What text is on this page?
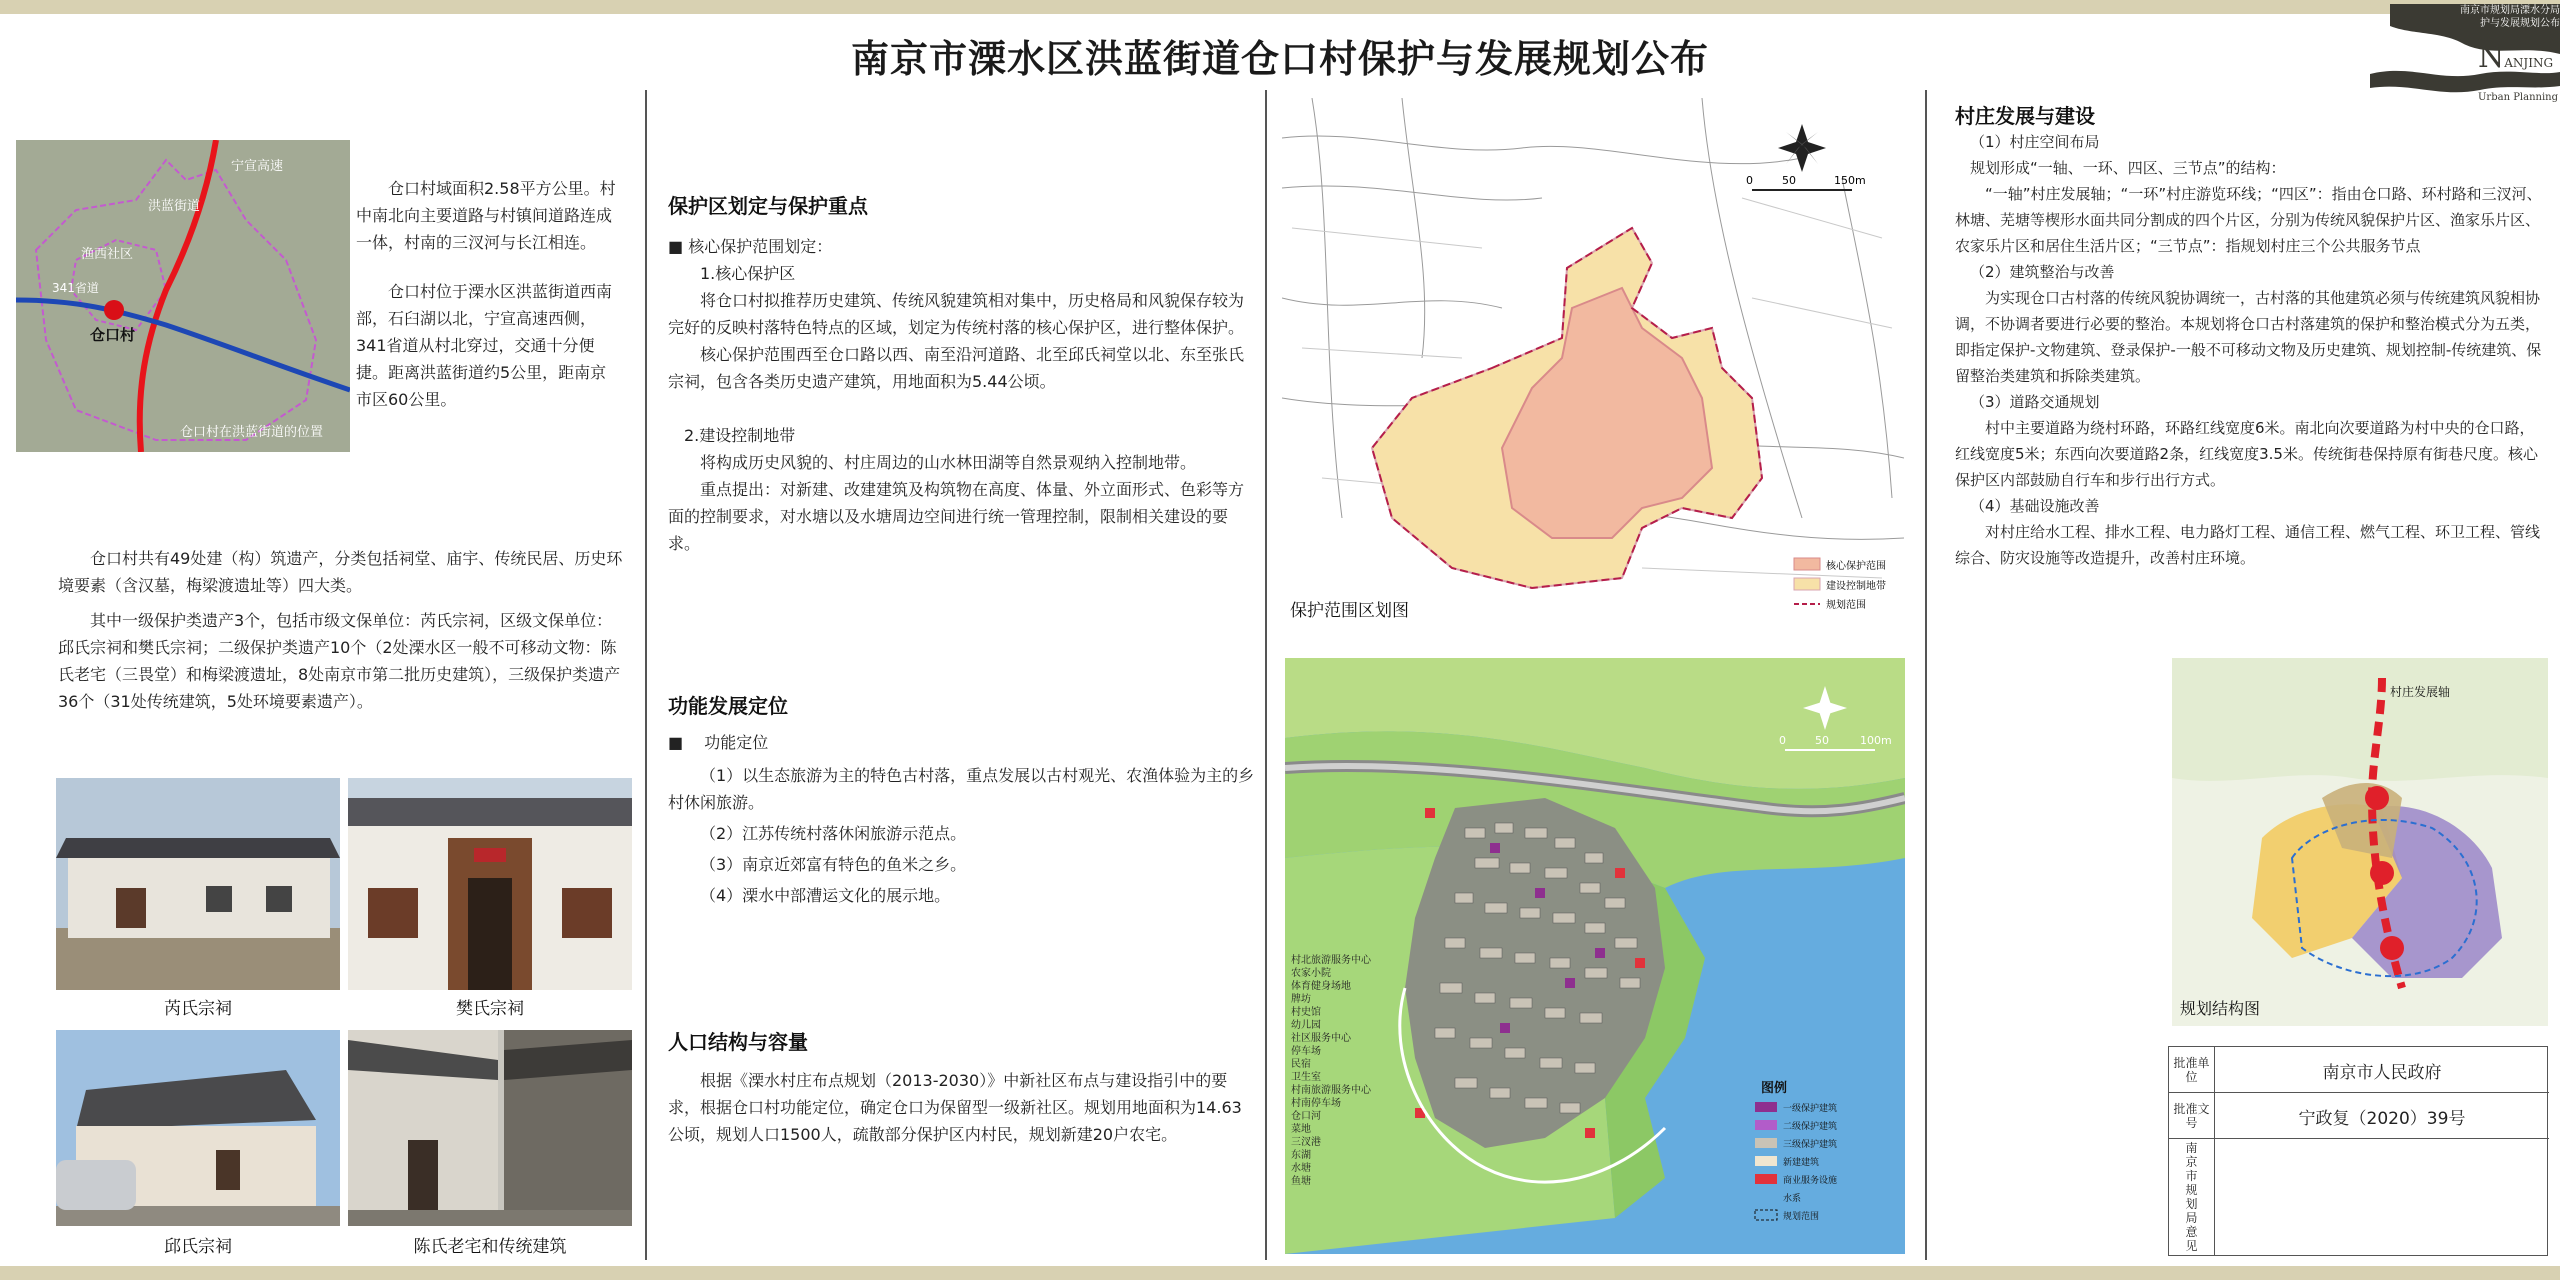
南京市溧水区洪蓝街道仓口村保护与发展规划公布
南京市规划局溧水分局
护与发展规划公布
NANJING
Urban Planning
宁宣高速
洪蓝街道
渔西社区
341省道
仓口村
仓口村在洪蓝街道的位置

仓口村域面积2.58平方公里。村中南北向主要道路与村镇间道路连成一体，村南的三汊河与长江相连。

仓口村位于溧水区洪蓝街道西南部，石臼湖以北，宁宣高速西侧，341省道从村北穿过，交通十分便捷。距离洪蓝街道约5公里，距南京市区60公里。

仓口村共有49处建（构）筑遗产，分类包括祠堂、庙宇、传统民居、历史环境要素（含汉墓，梅梁渡遗址等）四大类。

其中一级保护类遗产3个，包括市级文保单位：芮氏宗祠，区级文保单位：邱氏宗祠和樊氏宗祠；二级保护类遗产10个（2处溧水区一般不可移动文物：陈氏老宅（三畏堂）和梅梁渡遗址，8处南京市第二批历史建筑），三级保护类遗产36个（31处传统建筑，5处环境要素遗产）。

芮氏宗祠	樊氏宗祠
邱氏宗祠	陈氏老宅和传统建筑
保护区划定与保护重点
■ 核心保护范围划定：

1.核心保护区

将仓口村拟推荐历史建筑、传统风貌建筑相对集中，历史格局和风貌保存较为完好的反映村落特色特点的区域，划定为传统村落的核心保护区，进行整体保护。

核心保护范围西至仓口路以西、南至沿河道路、北至邱氏祠堂以北、东至张氏宗祠，包含各类历史遗产建筑，用地面积为5.44公顷。

2.建设控制地带

将构成历史风貌的、村庄周边的山水林田湖等自然景观纳入控制地带。

重点提出：对新建、改建建筑及构筑物在高度、体量、外立面形式、色彩等方面的控制要求，对水塘以及水塘周边空间进行统一管理控制，限制相关建设的要求。

功能发展定位
■ 功能定位

（1）以生态旅游为主的特色古村落，重点发展以古村观光、农渔体验为主的乡村休闲旅游。

（2）江苏传统村落休闲旅游示范点。

（3）南京近郊富有特色的鱼米之乡。

（4）溧水中部漕运文化的展示地。

人口结构与容量

根据《溧水村庄布点规划（2013-2030）》中新社区布点与建设指引中的要求，根据仓口村功能定位，确定仓口为保留型一级新社区。规划用地面积为14.63公顷，规划人口1500人，疏散部分保护区内村民，规划新建20户农宅。

0	50	150m
核心保护范围
建设控制地带
规划范围
保护范围区划图
0	50	100m
村北旅游服务中心
农家小院
体育健身场地
牌坊
村史馆
幼儿园
社区服务中心
停车场
民宿
卫生室
村南旅游服务中心
村南停车场
仓口河
菜地
三汊港
东湖
水塘
鱼塘
图例
一级保护建筑
二级保护建筑
三级保护建筑
新建建筑
商业服务设施
水系
规划范围
村庄发展与建设

（1）村庄空间布局

规划形成“一轴、一环、四区、三节点”的结构：

“一轴”村庄发展轴；“一环”村庄游览环线；“四区”：指由仓口路、环村路和三汊河、林塘、芜塘等楔形水面共同分割成的四个片区，分别为传统风貌保护片区、渔家乐片区、农家乐片区和居住生活片区；“三节点”：指规划村庄三个公共服务节点

（2）建筑整治与改善

为实现仓口古村落的传统风貌协调统一，古村落的其他建筑必须与传统建筑风貌相协调，不协调者要进行必要的整治。本规划将仓口古村落建筑的保护和整治模式分为五类，即指定保护-文物建筑、登录保护-一般不可移动文物及历史建筑、规划控制-传统建筑、保留整治类建筑和拆除类建筑。

（3）道路交通规划

村中主要道路为绕村环路，环路红线宽度6米。南北向次要道路为村中央的仓口路，红线宽度5米；东西向次要道路2条，红线宽度3.5米。传统街巷保持原有街巷尺度。核心保护区内部鼓励自行车和步行出行方式。

（4）基础设施改善

对村庄给水工程、排水工程、电力路灯工程、通信工程、燃气工程、环卫工程、管线综合、防灾设施等改造提升，改善村庄环境。

村庄发展轴
规划结构图
批准单位	南京市人民政府
批准文号	宁政复（2020）39号
南京市规划局意见
